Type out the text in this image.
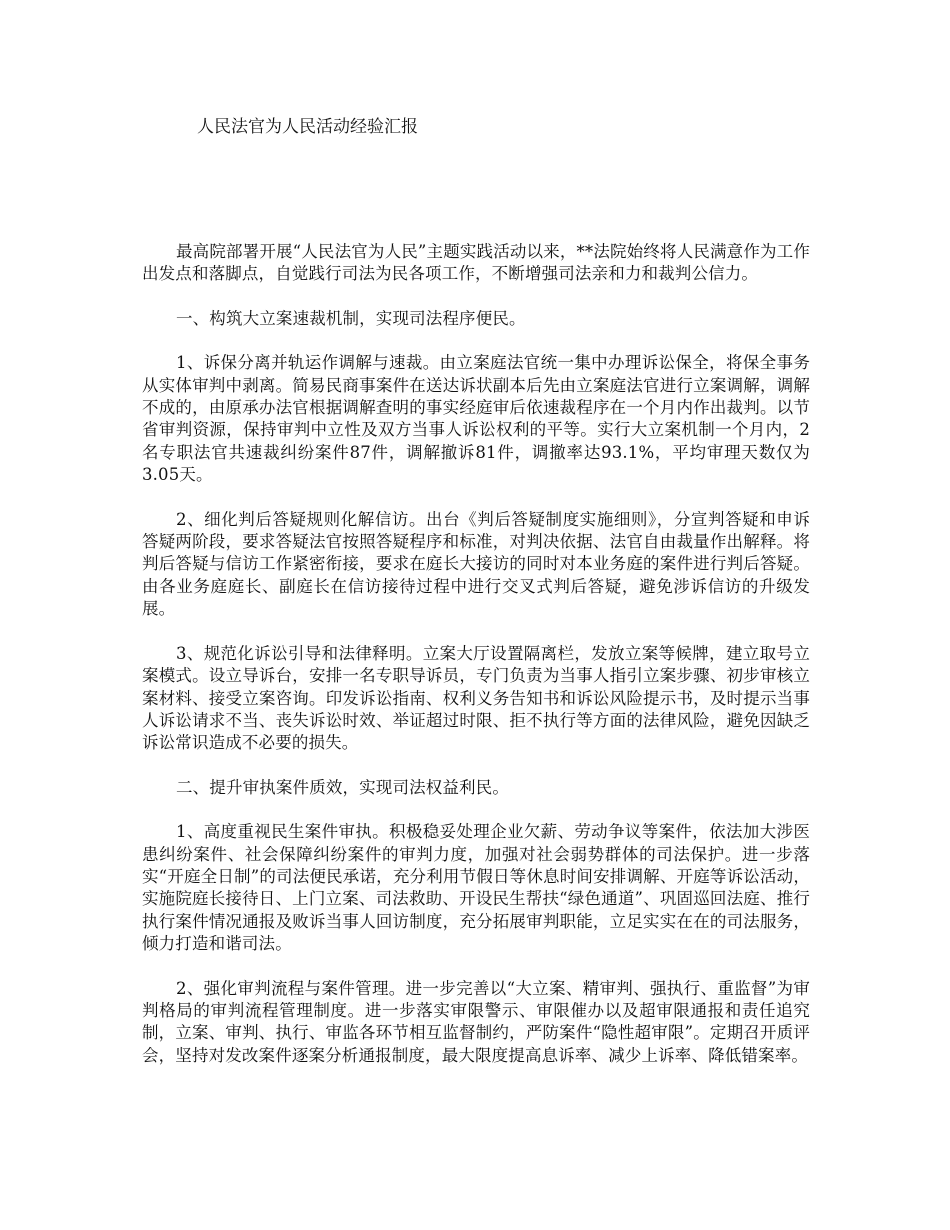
人民法官为人民活动经验汇报

最高院部署开展“人民法官为人民”主题实践活动以来，**法院始终将人民满意作为工作出发点和落脚点，自觉践行司法为民各项工作，不断增强司法亲和力和裁判公信力。

一、构筑大立案速裁机制，实现司法程序便民。

1、诉保分离并轨运作调解与速裁。由立案庭法官统一集中办理诉讼保全，将保全事务从实体审判中剥离。简易民商事案件在送达诉状副本后先由立案庭法官进行立案调解，调解不成的，由原承办法官根据调解查明的事实经庭审后依速裁程序在一个月内作出裁判。以节省审判资源，保持审判中立性及双方当事人诉讼权利的平等。实行大立案机制一个月内，2名专职法官共速裁纠纷案件87件，调解撤诉81件，调撤率达93.1%，平均审理天数仅为3.05天。

2、细化判后答疑规则化解信访。出台《判后答疑制度实施细则》，分宣判答疑和申诉答疑两阶段，要求答疑法官按照答疑程序和标准，对判决依据、法官自由裁量作出解释。将判后答疑与信访工作紧密衔接，要求在庭长大接访的同时对本业务庭的案件进行判后答疑。由各业务庭庭长、副庭长在信访接待过程中进行交叉式判后答疑，避免涉诉信访的升级发展。

3、规范化诉讼引导和法律释明。立案大厅设置隔离栏，发放立案等候牌，建立取号立案模式。设立导诉台，安排一名专职导诉员，专门负责为当事人指引立案步骤、初步审核立案材料、接受立案咨询。印发诉讼指南、权利义务告知书和诉讼风险提示书，及时提示当事人诉讼请求不当、丧失诉讼时效、举证超过时限、拒不执行等方面的法律风险，避免因缺乏诉讼常识造成不必要的损失。

二、提升审执案件质效，实现司法权益利民。

1、高度重视民生案件审执。积极稳妥处理企业欠薪、劳动争议等案件，依法加大涉医患纠纷案件、社会保障纠纷案件的审判力度，加强对社会弱势群体的司法保护。进一步落实“开庭全日制”的司法便民承诺，充分利用节假日等休息时间安排调解、开庭等诉讼活动，实施院庭长接待日、上门立案、司法救助、开设民生帮扶“绿色通道”、巩固巡回法庭、推行执行案件情况通报及败诉当事人回访制度，充分拓展审判职能，立足实实在在的司法服务，倾力打造和谐司法。

2、强化审判流程与案件管理。进一步完善以“大立案、精审判、强执行、重监督”为审判格局的审判流程管理制度。进一步落实审限警示、审限催办以及超审限通报和责任追究制，立案、审判、执行、审监各环节相互监督制约，严防案件“隐性超审限”。定期召开质评会，坚持对发改案件逐案分析通报制度，最大限度提高息诉率、减少上诉率、降低错案率。
